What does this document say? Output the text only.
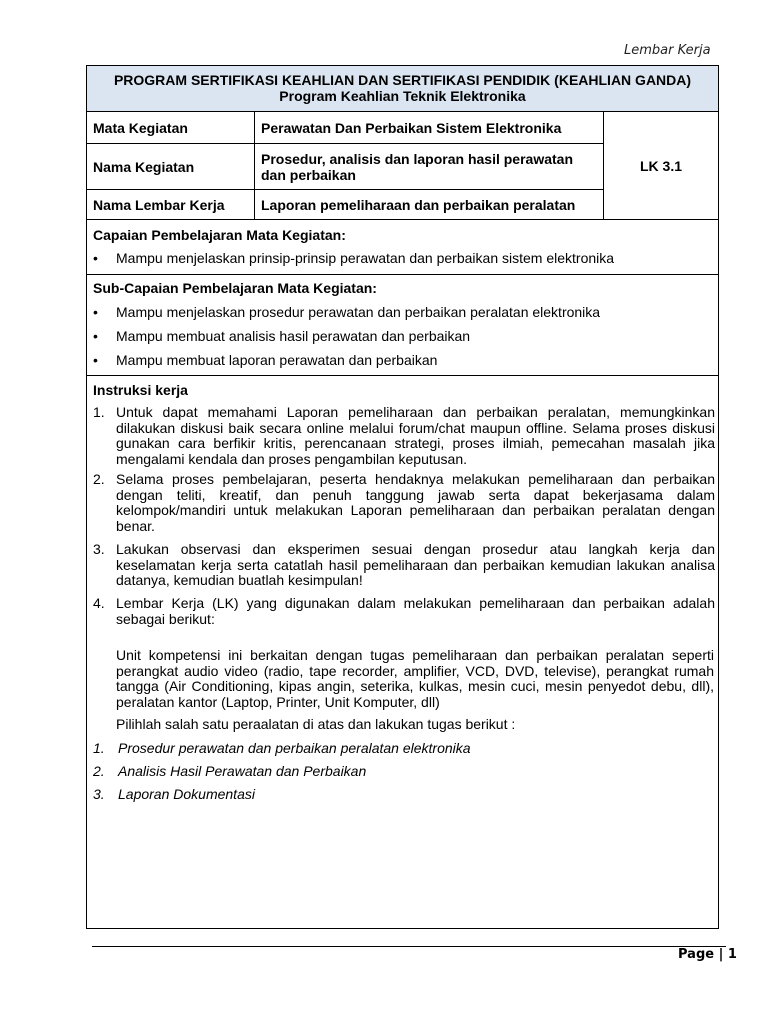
Lembar Kerja
PROGRAM SERTIFIKASI KEAHLIAN DAN SERTIFIKASI PENDIDIK (KEAHLIAN GANDA)
Program Keahlian Teknik Elektronika
Mata Kegiatan	Perawatan Dan Perbaikan Sistem Elektronika
Nama Kegiatan	Prosedur, analisis dan laporan hasil perawatan dan perbaikan
Nama Lembar Kerja	Laporan pemeliharaan dan perbaikan peralatan
LK 3.1
Capaian Pembelajaran Mata Kegiatan:
• Mampu menjelaskan prinsip-prinsip perawatan dan perbaikan sistem elektronika
Sub-Capaian Pembelajaran Mata Kegiatan:
• Mampu menjelaskan prosedur perawatan dan perbaikan peralatan elektronika
• Mampu membuat analisis hasil perawatan dan perbaikan
• Mampu membuat laporan perawatan dan perbaikan
Instruksi kerja
1. Untuk dapat memahami Laporan pemeliharaan dan perbaikan peralatan, memungkinkan dilakukan diskusi baik secara online melalui forum/chat maupun offline. Selama proses diskusi gunakan cara berfikir kritis, perencanaan strategi, proses ilmiah, pemecahan masalah jika mengalami kendala dan proses pengambilan keputusan.
2. Selama proses pembelajaran, peserta hendaknya melakukan pemeliharaan dan perbaikan dengan teliti, kreatif, dan penuh tanggung jawab serta dapat bekerjasama dalam kelompok/mandiri untuk melakukan Laporan pemeliharaan dan perbaikan peralatan dengan benar.
3. Lakukan observasi dan eksperimen sesuai dengan prosedur atau langkah kerja dan keselamatan kerja serta catatlah hasil pemeliharaan dan perbaikan kemudian lakukan analisa datanya, kemudian buatlah kesimpulan!
4. Lembar Kerja (LK) yang digunakan dalam melakukan pemeliharaan dan perbaikan adalah sebagai berikut:
Unit kompetensi ini berkaitan dengan tugas pemeliharaan dan perbaikan peralatan seperti perangkat audio video (radio, tape recorder, amplifier, VCD, DVD, televise), perangkat rumah tangga (Air Conditioning, kipas angin, seterika, kulkas, mesin cuci, mesin penyedot debu, dll), peralatan kantor (Laptop, Printer, Unit Komputer, dll)
Pilihlah salah satu peraalatan di atas dan lakukan tugas berikut :
1. Prosedur perawatan dan perbaikan peralatan elektronika
2. Analisis Hasil Perawatan dan Perbaikan
3. Laporan Dokumentasi
Page | 1
